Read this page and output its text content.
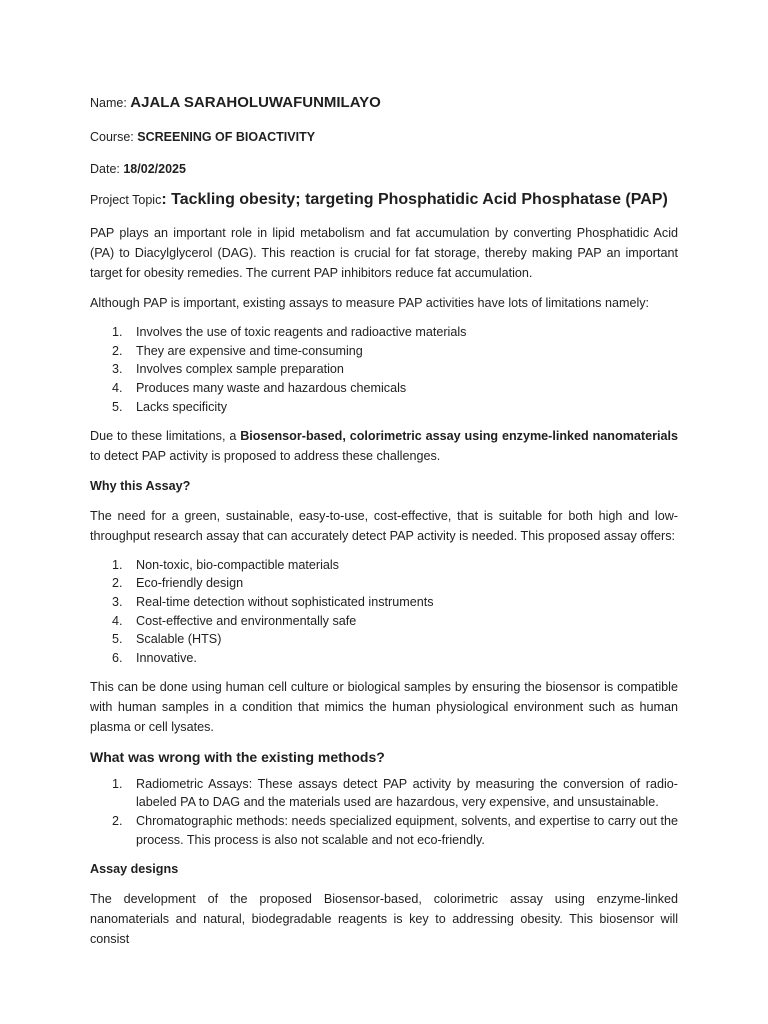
Name: AJALA SARAHOLUWAFUNMILAYO

Course: SCREENING OF BIOACTIVITY

Date: 18/02/2025

Project Topic: Tackling obesity; targeting Phosphatidic Acid Phosphatase (PAP)

PAP plays an important role in lipid metabolism and fat accumulation by converting Phosphatidic Acid (PA) to Diacylglycerol (DAG). This reaction is crucial for fat storage, thereby making PAP an important target for obesity remedies. The current PAP inhibitors reduce fat accumulation.

Although PAP is important, existing assays to measure PAP activities have lots of limitations namely:

1. Involves the use of toxic reagents and radioactive materials
2. They are expensive and time-consuming
3. Involves complex sample preparation
4. Produces many waste and hazardous chemicals
5. Lacks specificity

Due to these limitations, a Biosensor-based, colorimetric assay using enzyme-linked nanomaterials to detect PAP activity is proposed to address these challenges.

Why this Assay?

The need for a green, sustainable, easy-to-use, cost-effective, that is suitable for both high and low-throughput research assay that can accurately detect PAP activity is needed. This proposed assay offers:

1. Non-toxic, bio-compactible materials
2. Eco-friendly design
3. Real-time detection without sophisticated instruments
4. Cost-effective and environmentally safe
5. Scalable (HTS)
6. Innovative.

This can be done using human cell culture or biological samples by ensuring the biosensor is compatible with human samples in a condition that mimics the human physiological environment such as human plasma or cell lysates.

What was wrong with the existing methods?

1. Radiometric Assays: These assays detect PAP activity by measuring the conversion of radio-labeled PA to DAG and the materials used are hazardous, very expensive, and unsustainable.
2. Chromatographic methods: needs specialized equipment, solvents, and expertise to carry out the process. This process is also not scalable and not eco-friendly.

Assay designs

The development of the proposed Biosensor-based, colorimetric assay using enzyme-linked nanomaterials and natural, biodegradable reagents is key to addressing obesity. This biosensor will consist
